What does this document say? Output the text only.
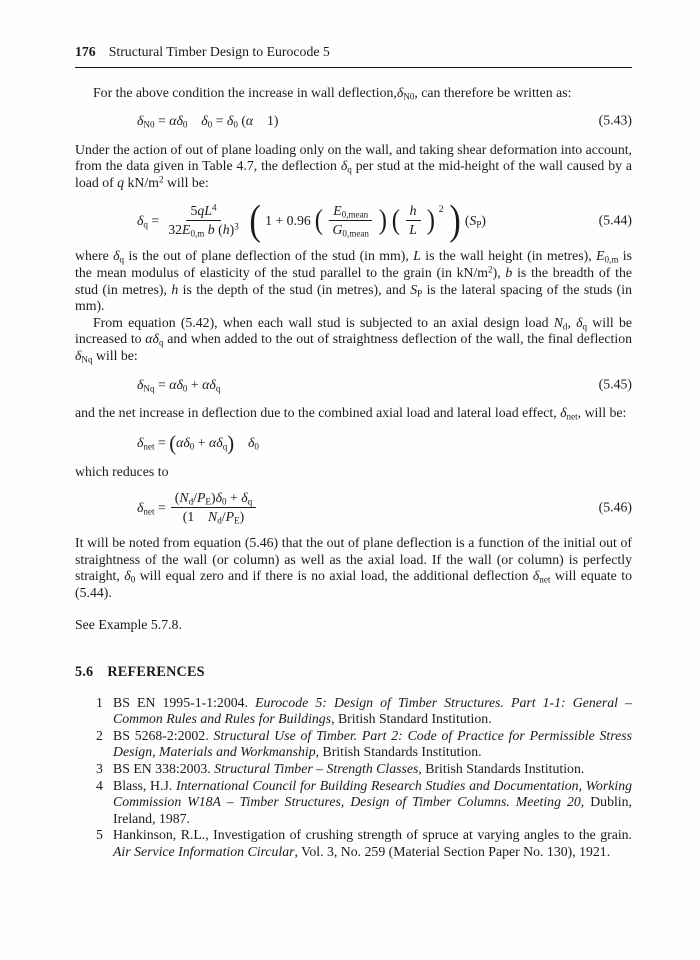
176 Structural Timber Design to Eurocode 5

For the above condition the increase in wall $deflection,\delta_{N0}$, can therefore be written as:

$\delta_{N0} = \alpha\delta_0$  $\delta_0 = \delta_0$ (α  1)	(5.43)

Under the action of out of plane loading only on the wall, and taking shear deformation into account, from the data given in Table 4.7, the deflection $\delta_q$ per stud at the mid-height of the wall caused by a load of q $kN/m^2$ will be:

$\delta_q = \frac{5qL^4}{32E_{0,m} b (h)^3}$ ( 1 + 0.96 ( $\frac{E_{0,mean}}{G_{0,mean}}$ ) ( $\frac{h}{L}$ ) 2 ) $(S_P)$	(5.44)

where $\delta_q$ is the out of plane deflection of the stud (in mm), L is the wall height (in metres), $E_{0,m}$ is the mean modulus of elasticity of the stud parallel to the grain (in $kN/m^2$), b is the breadth of the stud (in metres), h is the depth of the stud (in metres), and $S_P$ is the lateral spacing of the studs (in mm).

From equation (5.42), when each wall stud is subjected to an axial design load $N_d$, $\delta_q$ will be increased to $\alpha\delta_q$ and when added to the out of straightness deflection of the wall, the final deflection $\delta_{Nq}$ will be:

$\delta_{Nq} = \alpha\delta_0 + \alpha\delta_q$	(5.45)

and the net increase in deflection due to the combined axial load and lateral load effect, $\delta_{net}$, will be:

$\delta_{net} = (\alpha\delta_0 + \alpha\delta_q)$  $\delta_0$

which reduces to

$\delta_{net} = \frac{(N_d/P_E)\delta_0 + \delta_q}{(1 N_d/P_E)}$	(5.46)

It will be noted from equation (5.46) that the out of plane deflection is a function of the initial out of straightness of the wall (or column) as well as the axial load. If the wall (or column) is perfectly straight, $\delta_0$ will equal zero and if there is no axial load, the additional deflection $\delta_{net}$ will equate to (5.44).

See Example 5.7.8.

5.6 REFERENCES
1 BS EN 1995-1-1:2004. Eurocode 5: Design of Timber Structures. Part 1-1: General – Common Rules and Rules for Buildings, British Standard Institution.
2 BS 5268-2:2002. Structural Use of Timber. Part 2: Code of Practice for Permissible Stress Design, Materials and Workmanship, British Standards Institution.
3 BS EN 338:2003. Structural Timber – Strength Classes, British Standards Institution.
4 Blass, H.J. International Council for Building Research Studies and Documentation, Working Commission W18A – Timber Structures, Design of Timber Columns. Meeting 20, Dublin, Ireland, 1987.
5 Hankinson, R.L., Investigation of crushing strength of spruce at varying angles to the grain. Air Service Information Circular, Vol. 3, No. 259 (Material Section Paper No. 130), 1921.
